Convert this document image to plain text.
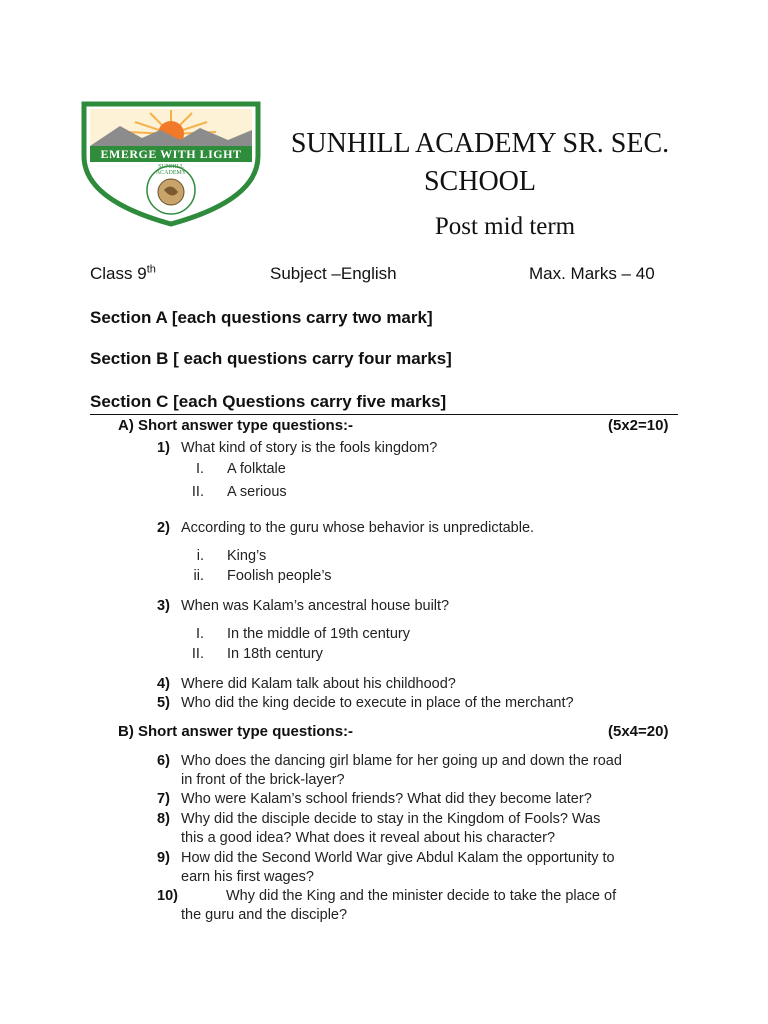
EMERGE WITH LIGHT
SUNHILL ACADEMY
SUNHILL ACADEMY SR. SEC.
SCHOOL
Post mid term
Class 9th	Subject –English	Max. Marks – 40
Section A [each questions carry two mark]
Section B [ each questions carry four marks]
Section C [each Questions carry five marks]
A) Short answer type questions:-	(5x2=10)
1) What kind of story is the fools kingdom?
I. A folktale
II. A serious
2) According to the guru whose behavior is unpredictable.
i. King’s
ii. Foolish people’s
3) When was Kalam’s ancestral house built?
I. In the middle of 19th century
II. In 18th century
4) Where did Kalam talk about his childhood?
5) Who did the king decide to execute in place of the merchant?
B) Short answer type questions:-	(5x4=20)
6) Who does the dancing girl blame for her going up and down the road
in front of the brick-layer?
7) Who were Kalam’s school friends? What did they become later?
8) Why did the disciple decide to stay in the Kingdom of Fools? Was
this a good idea? What does it reveal about his character?
9) How did the Second World War give Abdul Kalam the opportunity to
earn his first wages?
10)	Why did the King and the minister decide to take the place of
the guru and the disciple?
